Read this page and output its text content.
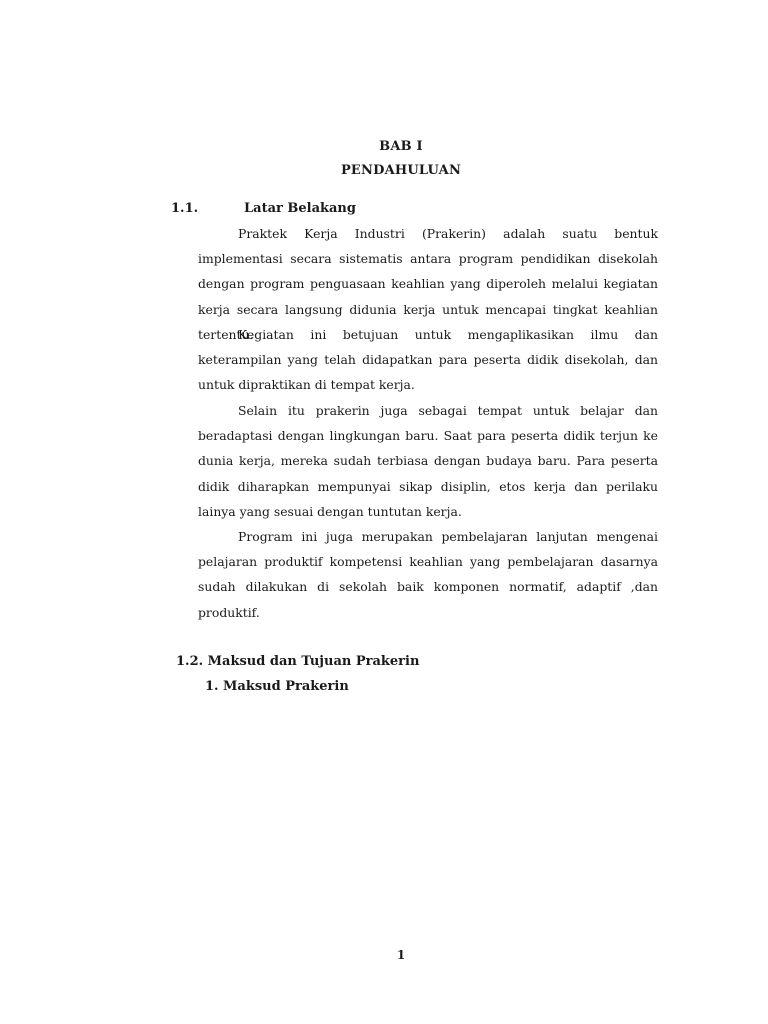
BAB I
PENDAHULUAN
1.1.	Latar Belakang

Praktek Kerja Industri (Prakerin) adalah suatu bentuk implementasi secara sistematis antara program pendidikan disekolah dengan program penguasaan keahlian yang diperoleh melalui kegiatan kerja secara langsung didunia kerja untuk mencapai tingkat keahlian tertentu.

Kegiatan ini betujuan untuk mengaplikasikan ilmu dan keterampilan yang telah didapatkan para peserta didik disekolah, dan untuk dipraktikan di tempat kerja.

Selain itu prakerin juga sebagai tempat untuk belajar dan beradaptasi dengan lingkungan baru. Saat para peserta didik terjun ke dunia kerja, mereka sudah terbiasa dengan budaya baru. Para peserta didik diharapkan mempunyai sikap disiplin, etos kerja dan perilaku lainya yang sesuai dengan tuntutan kerja.

Program ini juga merupakan pembelajaran lanjutan mengenai pelajaran produktif kompetensi keahlian yang pembelajaran dasarnya sudah dilakukan di sekolah baik komponen normatif, adaptif ,dan produktif.

1.2. Maksud dan Tujuan Prakerin
1. Maksud Prakerin
1
